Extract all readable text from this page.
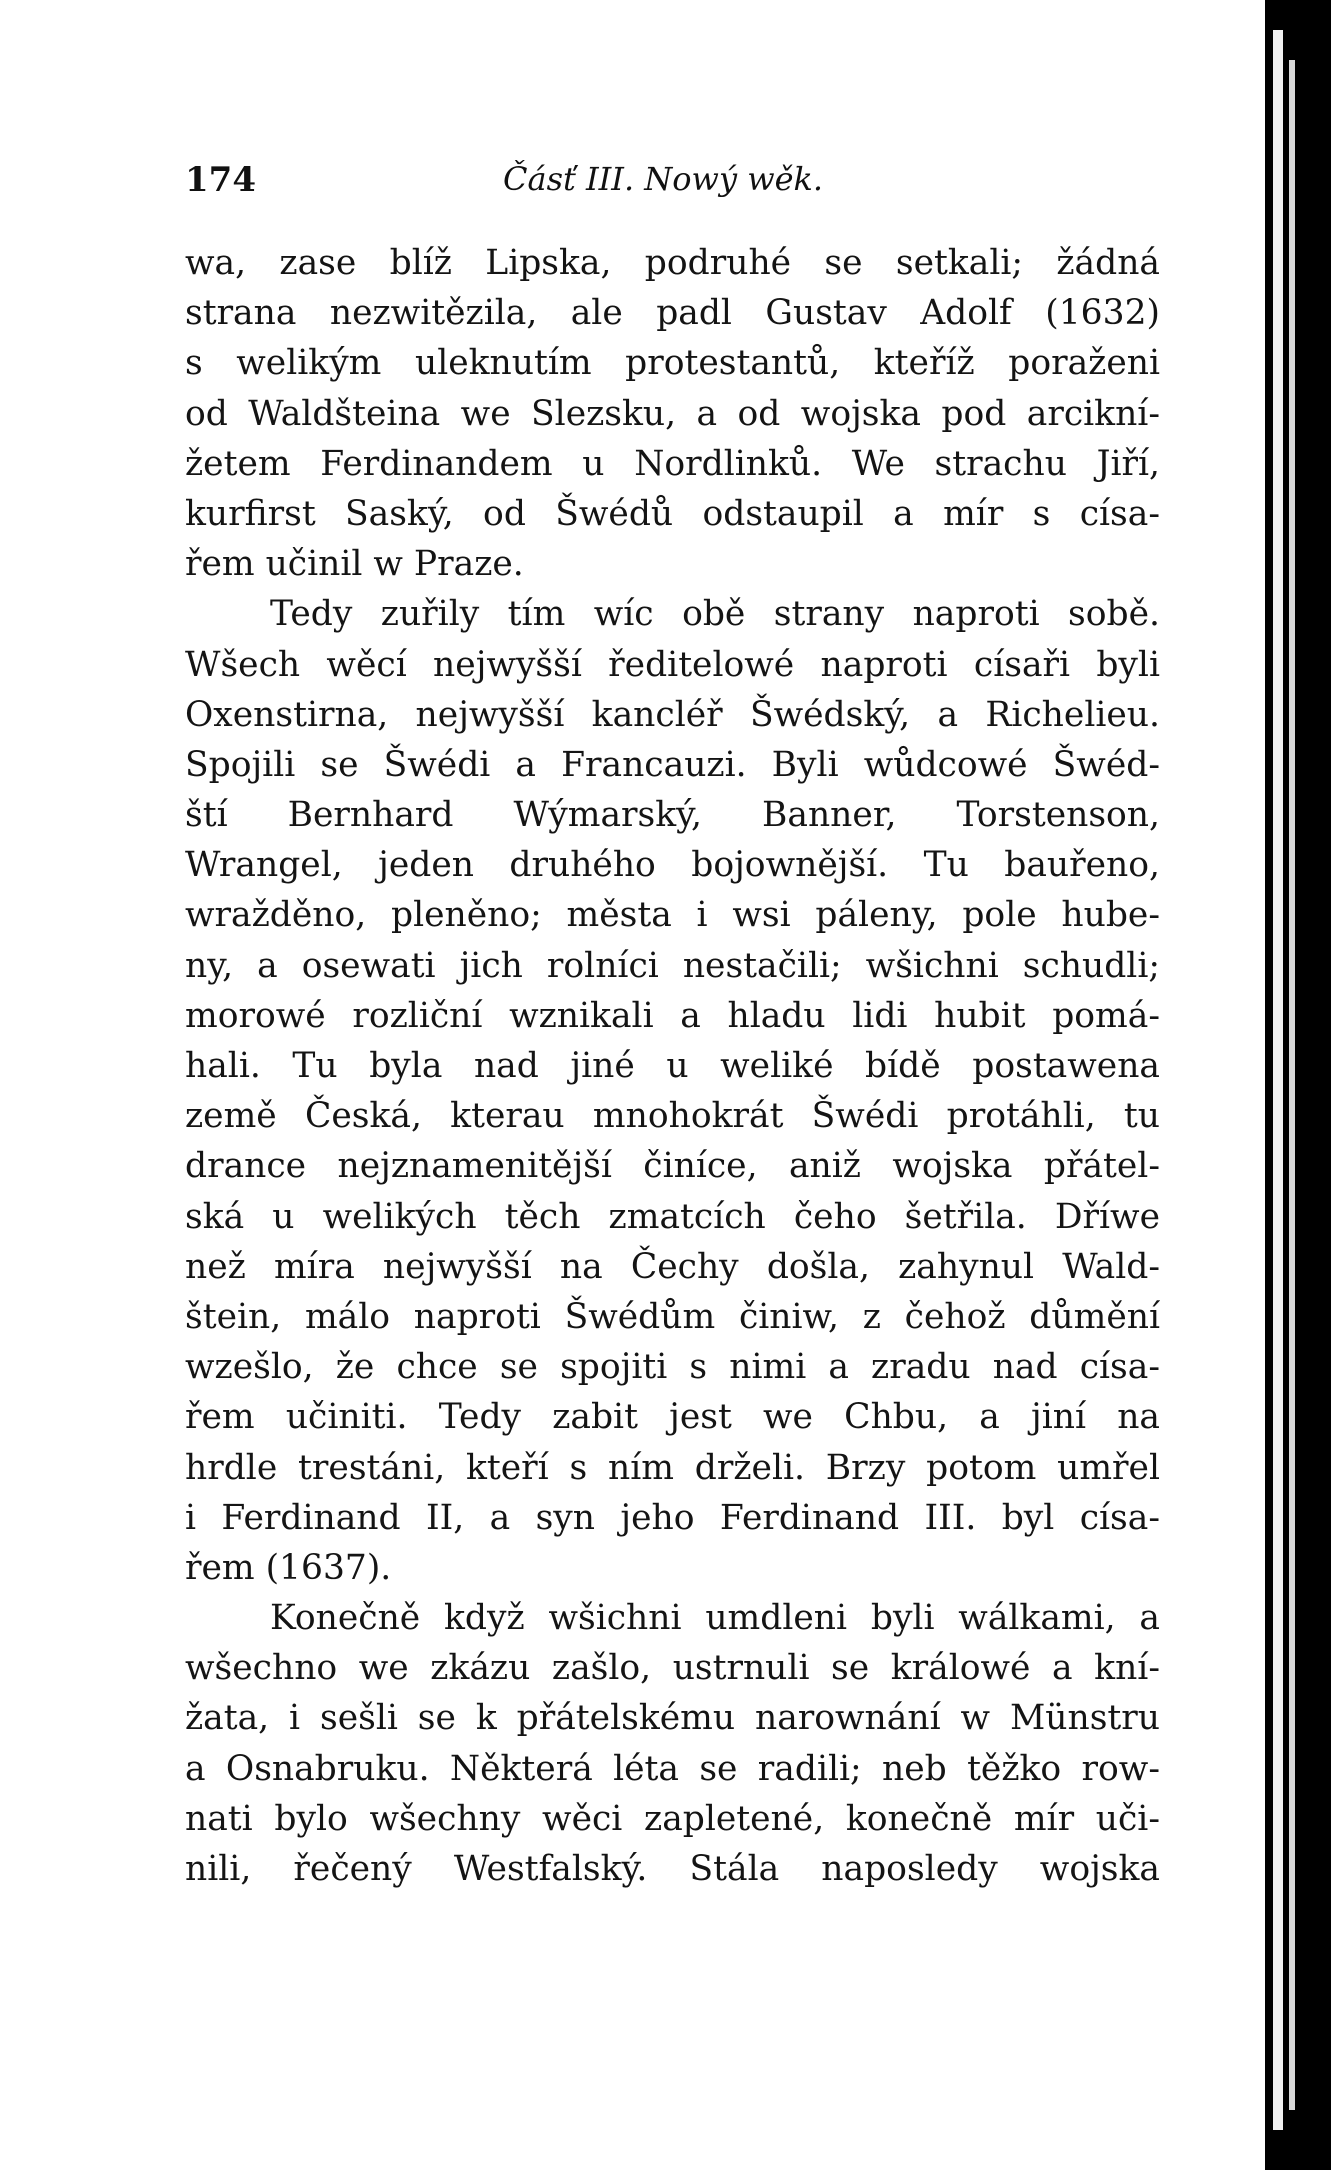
174	Čásť III. Nowý wěk.
wa, zase blíž Lipska, podruhé se setkali; žádná
strana nezwitězila, ale padl Gustav Adolf (1632)
s welikým uleknutím protestantů, kteříž poraženi
od Waldšteina we Slezsku, a od wojska pod arcikní-
žetem Ferdinandem u Nordlinků. We strachu Jiří,
kurfirst Saský, od Šwédů odstaupil a mír s císa-
řem učinil w Praze.
Tedy zuřily tím wíc obě strany naproti sobě.
Wšech wěcí nejwyšší ředitelowé naproti císaři byli
Oxenstirna, nejwyšší kancléř Šwédský, a Richelieu.
Spojili se Šwédi a Francauzi. Byli wůdcowé Šwéd-
ští Bernhard Wýmarský, Banner, Torstenson,
Wrangel, jeden druhého bojownější. Tu bauřeno,
wražděno, pleněno; města i wsi páleny, pole hube-
ny, a osewati jich rolníci nestačili; wšichni schudli;
morowé rozliční wznikali a hladu lidi hubit pomá-
hali. Tu byla nad jiné u weliké bídě postawena
země Česká, kterau mnohokrát Šwédi protáhli, tu
drance nejznamenitější činíce, aniž wojska přátel-
ská u welikých těch zmatcích čeho šetřila. Dříwe
než míra nejwyšší na Čechy došla, zahynul Wald-
štein, málo naproti Šwédům činiw, z čehož důmění
wzešlo, že chce se spojiti s nimi a zradu nad císa-
řem učiniti. Tedy zabit jest we Chbu, a jiní na
hrdle trestáni, kteří s ním drželi. Brzy potom umřel
i Ferdinand II, a syn jeho Ferdinand III. byl císa-
řem (1637).
Konečně když wšichni umdleni byli wálkami, a
wšechno we zkázu zašlo, ustrnuli se králowé a kní-
žata, i sešli se k přátelskému narownání w Münstru
a Osnabruku. Některá léta se radili; neb těžko row-
nati bylo wšechny wěci zapletené, konečně mír uči-
nili, řečený Westfalský. Stála naposledy wojska
